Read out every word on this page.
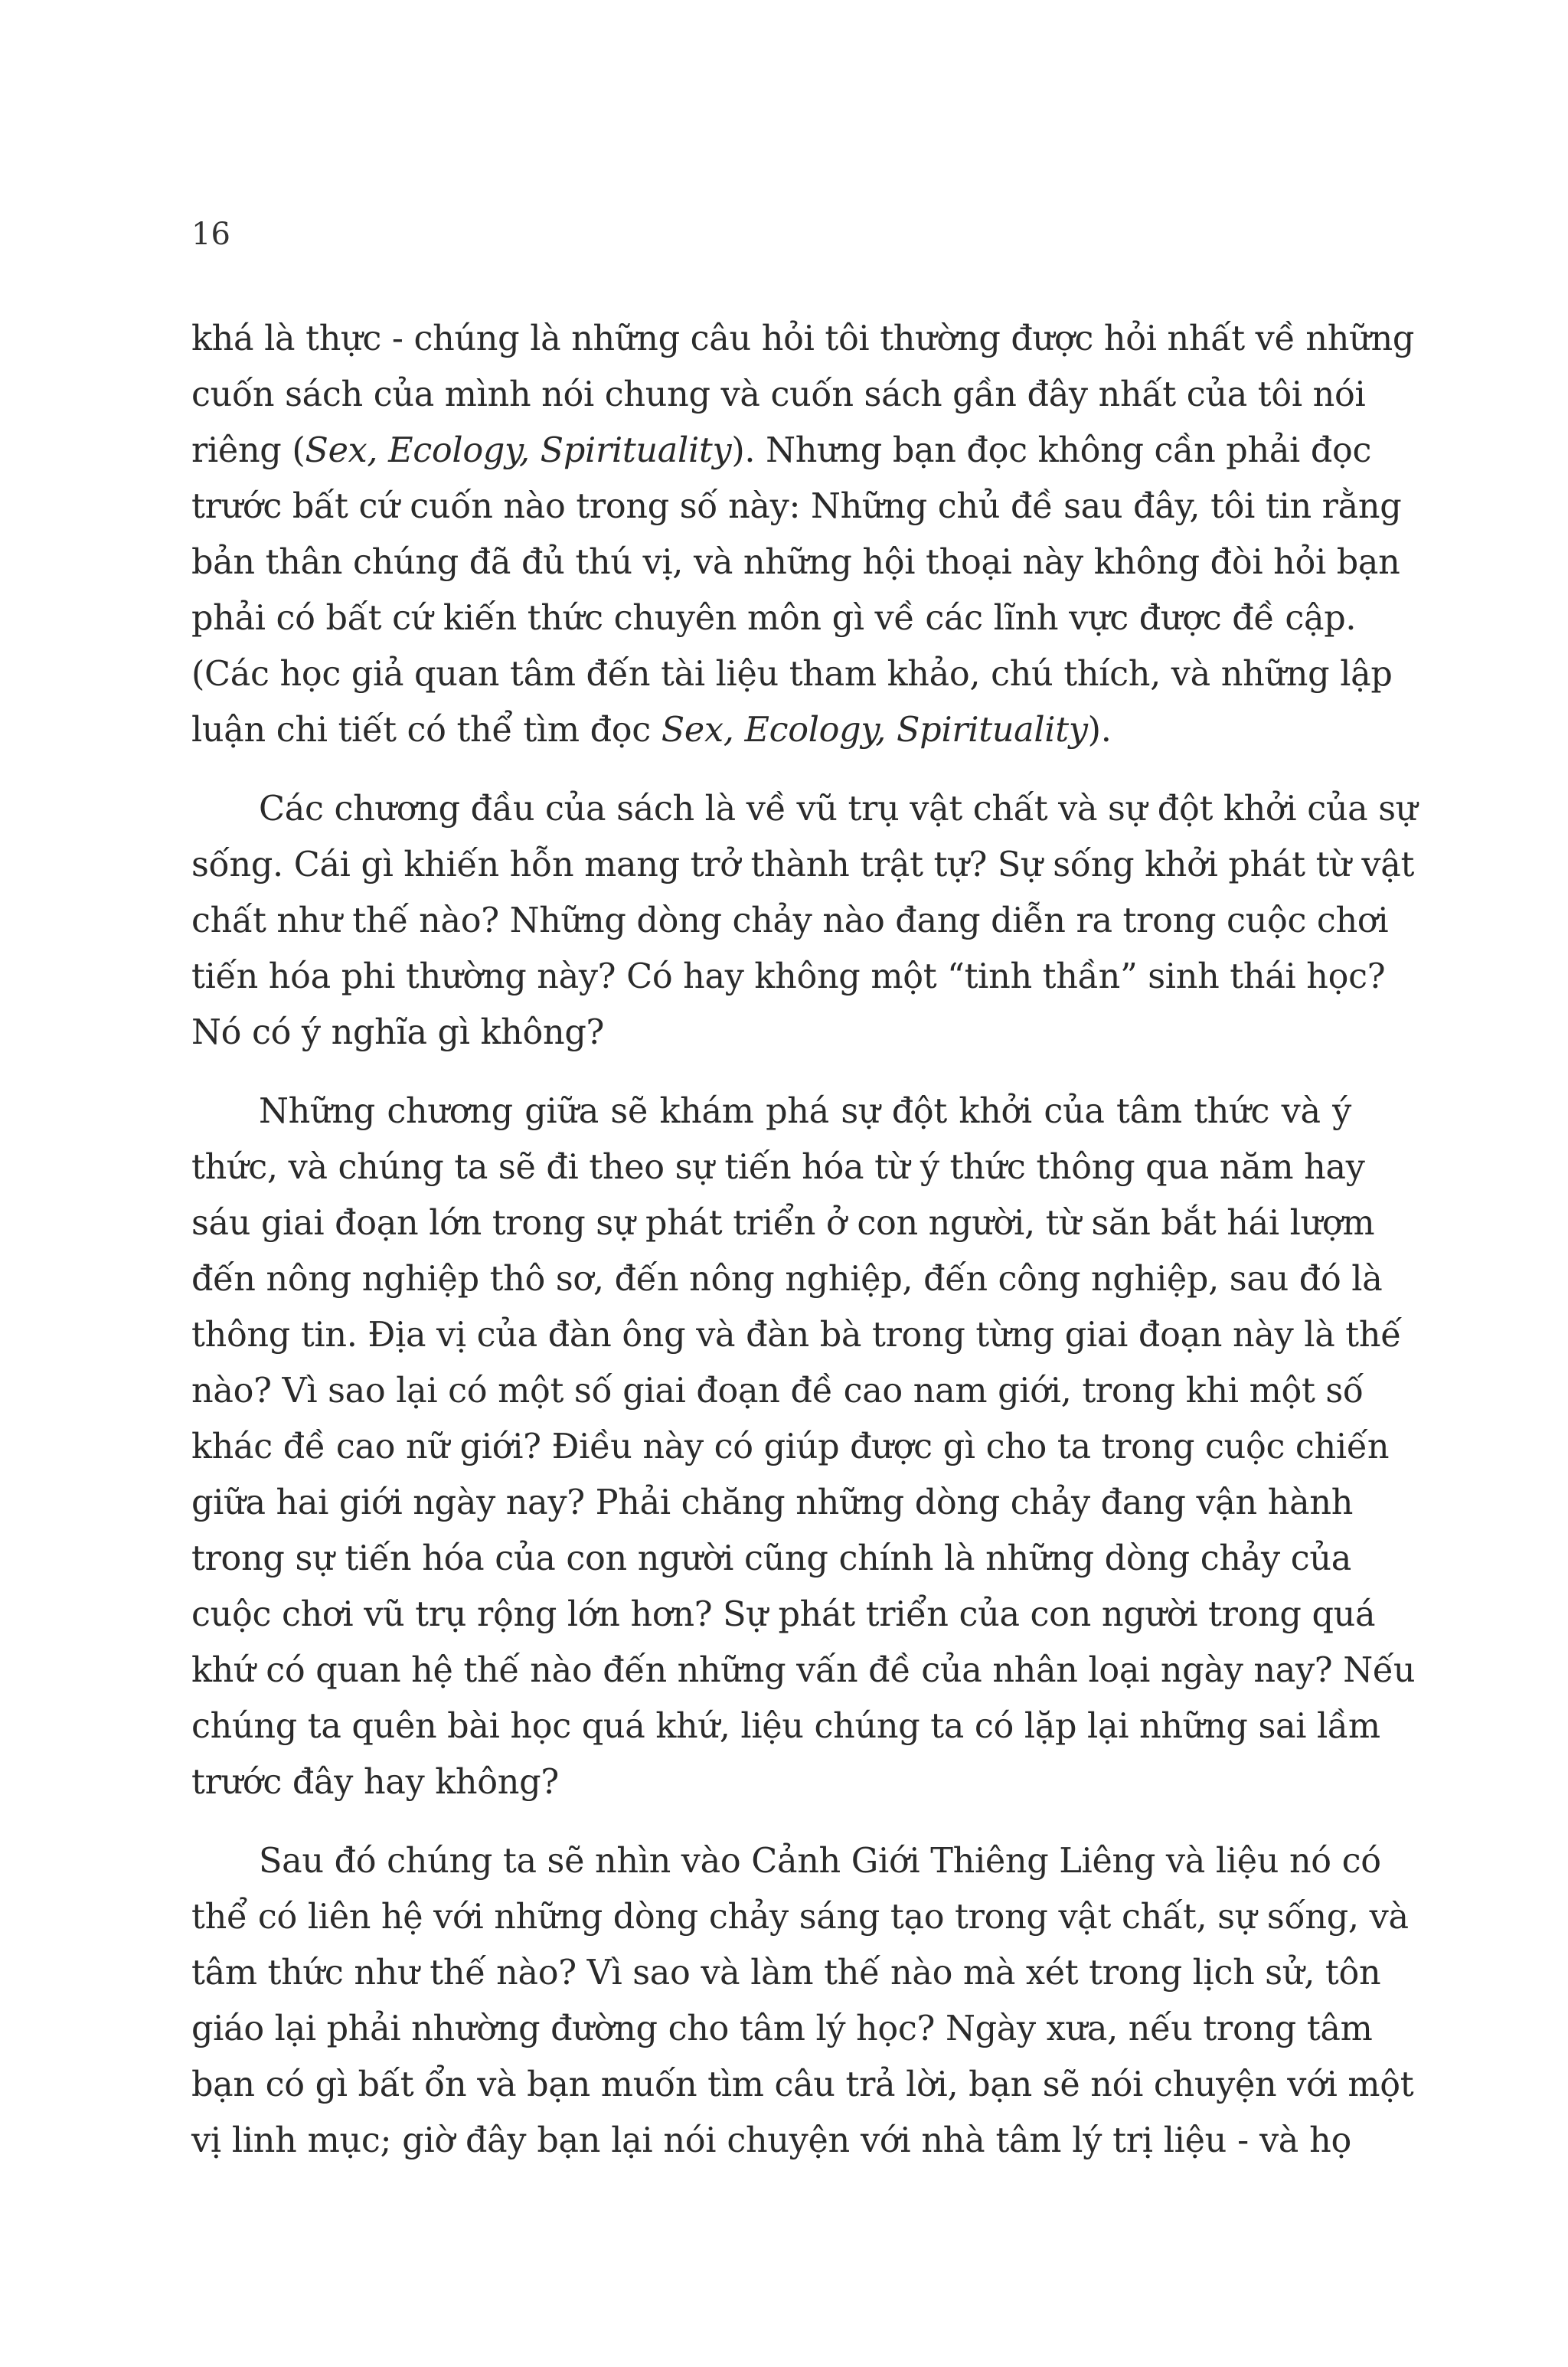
16
khá là thực - chúng là những câu hỏi tôi thường được hỏi nhất về những
cuốn sách của mình nói chung và cuốn sách gần đây nhất của tôi nói
riêng (Sex, Ecology, Spirituality). Nhưng bạn đọc không cần phải đọc
trước bất cứ cuốn nào trong số này: Những chủ đề sau đây, tôi tin rằng
bản thân chúng đã đủ thú vị, và những hội thoại này không đòi hỏi bạn
phải có bất cứ kiến thức chuyên môn gì về các lĩnh vực được đề cập.
(Các học giả quan tâm đến tài liệu tham khảo, chú thích, và những lập
luận chi tiết có thể tìm đọc Sex, Ecology, Spirituality).
Các chương đầu của sách là về vũ trụ vật chất và sự đột khởi của sự
sống. Cái gì khiến hỗn mang trở thành trật tự? Sự sống khởi phát từ vật
chất như thế nào? Những dòng chảy nào đang diễn ra trong cuộc chơi
tiến hóa phi thường này? Có hay không một “tinh thần” sinh thái học?
Nó có ý nghĩa gì không?
Những chương giữa sẽ khám phá sự đột khởi của tâm thức và ý
thức, và chúng ta sẽ đi theo sự tiến hóa từ ý thức thông qua năm hay
sáu giai đoạn lớn trong sự phát triển ở con người, từ săn bắt hái lượm
đến nông nghiệp thô sơ, đến nông nghiệp, đến công nghiệp, sau đó là
thông tin. Địa vị của đàn ông và đàn bà trong từng giai đoạn này là thế
nào? Vì sao lại có một số giai đoạn đề cao nam giới, trong khi một số
khác đề cao nữ giới? Điều này có giúp được gì cho ta trong cuộc chiến
giữa hai giới ngày nay? Phải chăng những dòng chảy đang vận hành
trong sự tiến hóa của con người cũng chính là những dòng chảy của
cuộc chơi vũ trụ rộng lớn hơn? Sự phát triển của con người trong quá
khứ có quan hệ thế nào đến những vấn đề của nhân loại ngày nay? Nếu
chúng ta quên bài học quá khứ, liệu chúng ta có lặp lại những sai lầm
trước đây hay không?
Sau đó chúng ta sẽ nhìn vào Cảnh Giới Thiêng Liêng và liệu nó có
thể có liên hệ với những dòng chảy sáng tạo trong vật chất, sự sống, và
tâm thức như thế nào? Vì sao và làm thế nào mà xét trong lịch sử, tôn
giáo lại phải nhường đường cho tâm lý học? Ngày xưa, nếu trong tâm
bạn có gì bất ổn và bạn muốn tìm câu trả lời, bạn sẽ nói chuyện với một
vị linh mục; giờ đây bạn lại nói chuyện với nhà tâm lý trị liệu - và họ
